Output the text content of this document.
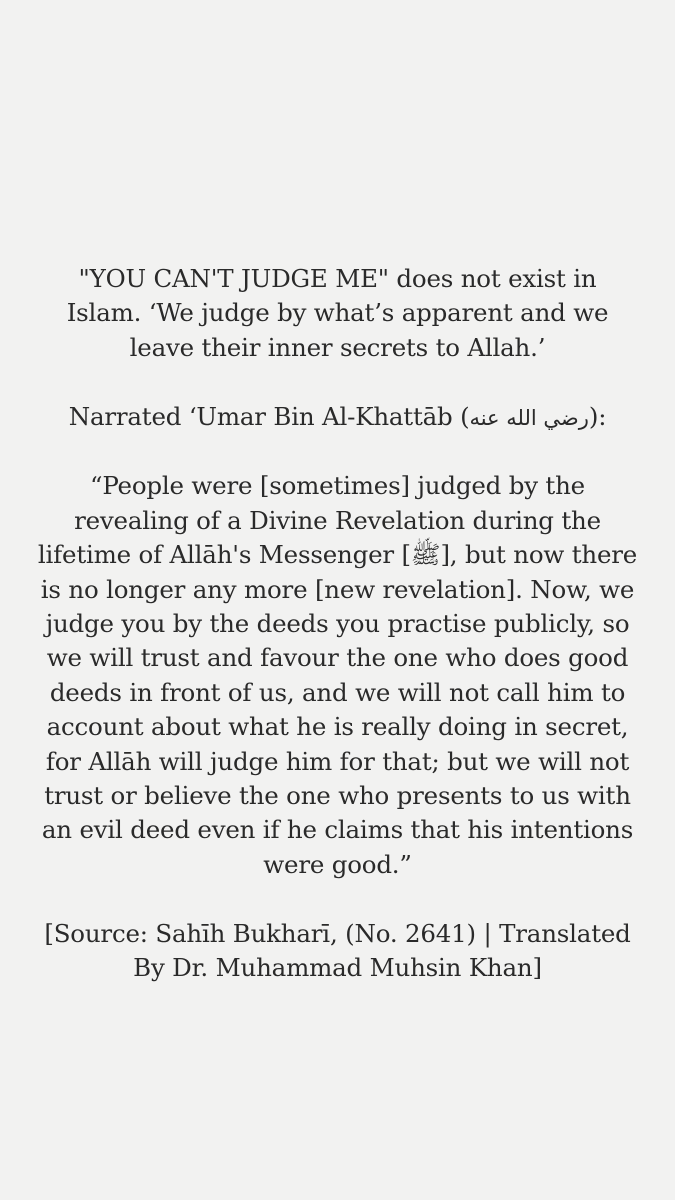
"YOU CAN'T JUDGE ME" does not exist in
Islam. ‘We judge by what’s apparent and we
leave their inner secrets to Allah.’

Narrated ‘Umar Bin Al-Khattāb (رضي الله عنه):

“People were [sometimes] judged by the
revealing of a Divine Revelation during the
lifetime of Allāh's Messenger [ﷺ], but now there
is no longer any more [new revelation]. Now, we
judge you by the deeds you practise publicly, so
we will trust and favour the one who does good
deeds in front of us, and we will not call him to
account about what he is really doing in secret,
for Allāh will judge him for that; but we will not
trust or believe the one who presents to us with
an evil deed even if he claims that his intentions
were good.”

[Source: Sahīh Bukharī, (No. 2641) | Translated
By Dr. Muhammad Muhsin Khan]
